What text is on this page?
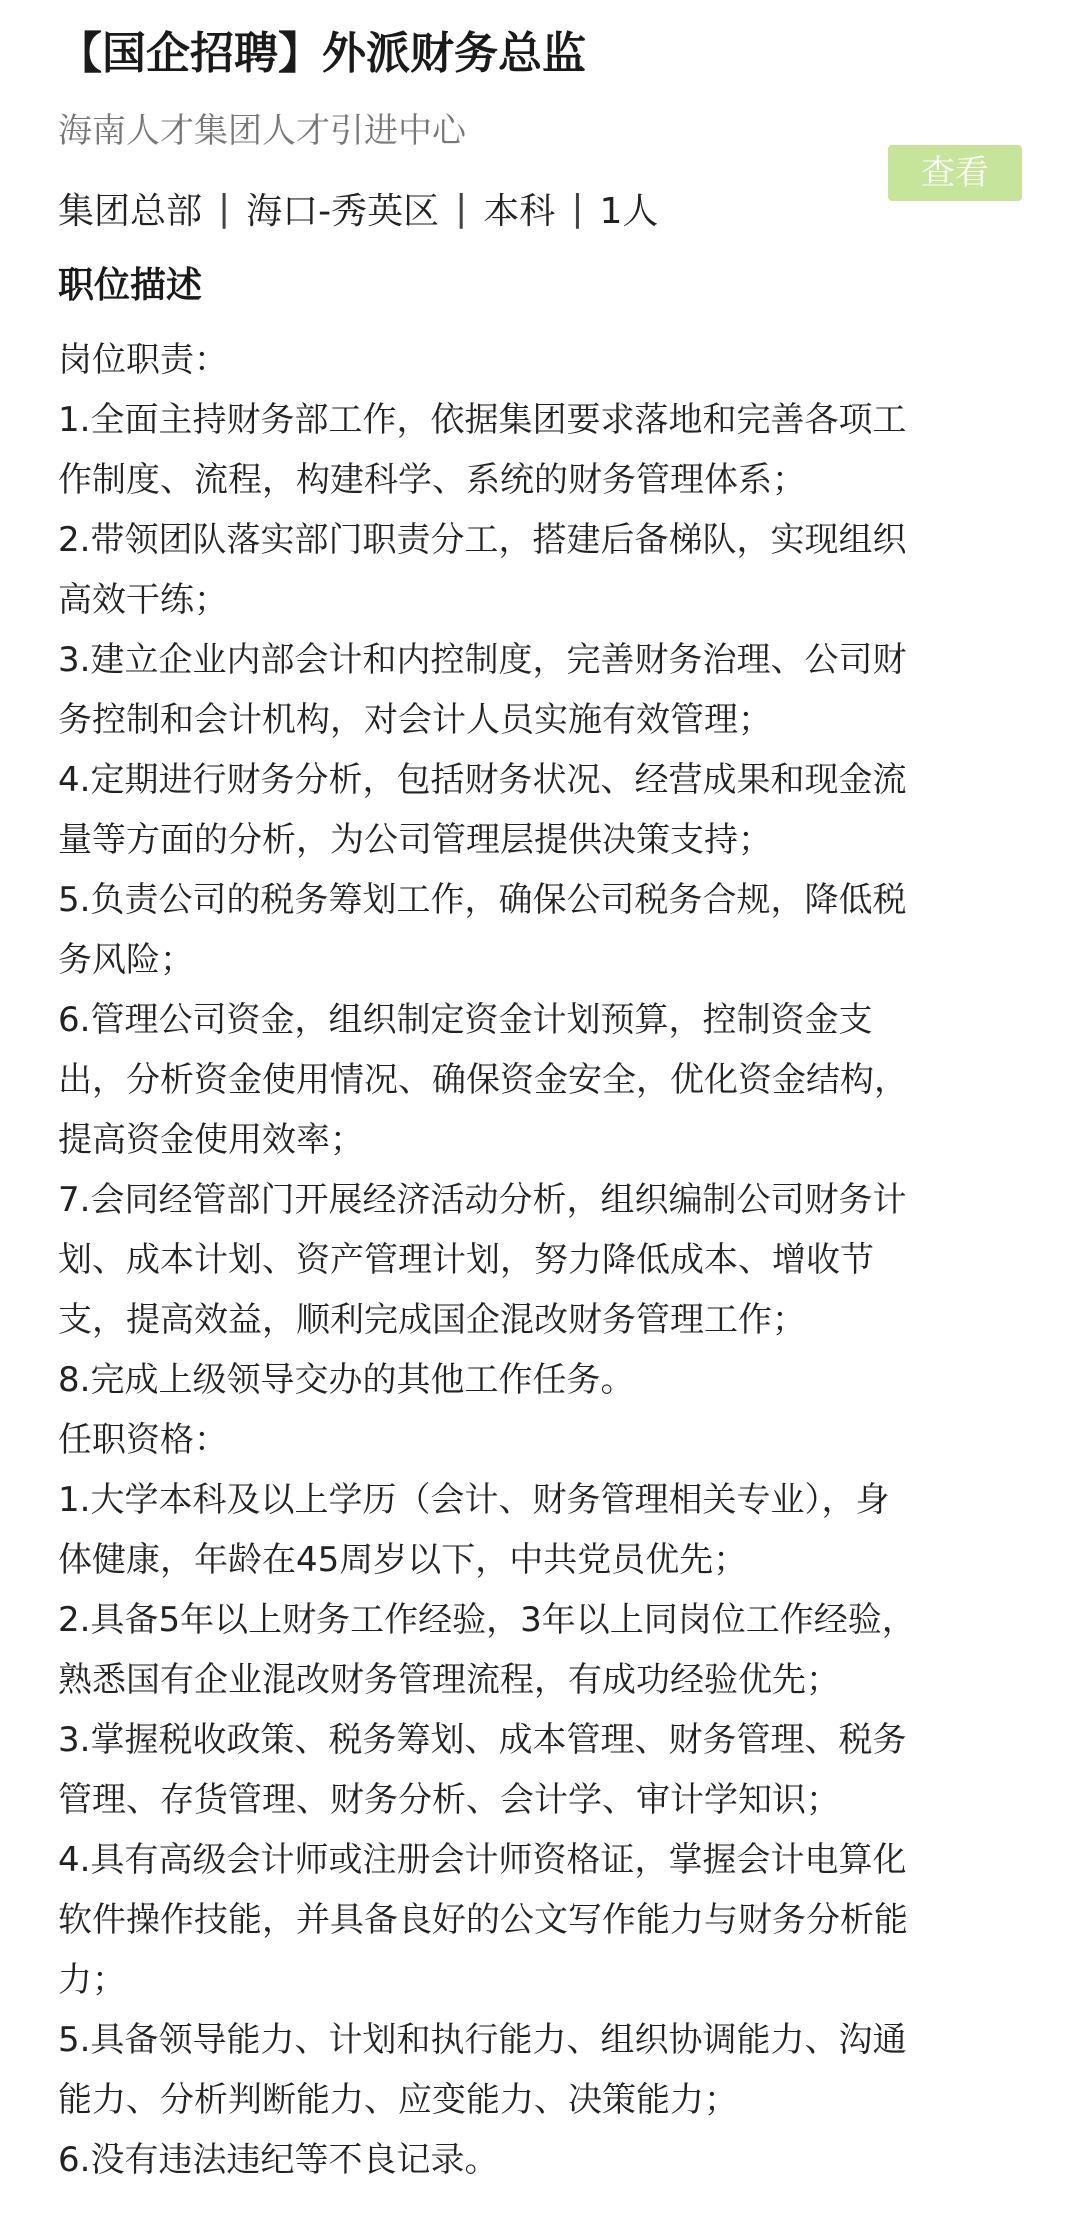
【国企招聘】外派财务总监
海南人才集团人才引进中心
查看
集团总部 | 海口-秀英区 | 本科 | 1人
职位描述
岗位职责：
1.全面主持财务部工作，依据集团要求落地和完善各项工
作制度、流程，构建科学、系统的财务管理体系；
2.带领团队落实部门职责分工，搭建后备梯队，实现组织
高效干练；
3.建立企业内部会计和内控制度，完善财务治理、公司财
务控制和会计机构，对会计人员实施有效管理；
4.定期进行财务分析，包括财务状况、经营成果和现金流
量等方面的分析，为公司管理层提供决策支持；
5.负责公司的税务筹划工作，确保公司税务合规，降低税
务风险；
6.管理公司资金，组织制定资金计划预算，控制资金支
出，分析资金使用情况、确保资金安全，优化资金结构，
提高资金使用效率；
7.会同经管部门开展经济活动分析，组织编制公司财务计
划、成本计划、资产管理计划，努力降低成本、增收节
支，提高效益，顺利完成国企混改财务管理工作；
8.完成上级领导交办的其他工作任务。
任职资格：
1.大学本科及以上学历（会计、财务管理相关专业），身
体健康，年龄在45周岁以下，中共党员优先；
2.具备5年以上财务工作经验，3年以上同岗位工作经验，
熟悉国有企业混改财务管理流程，有成功经验优先；
3.掌握税收政策、税务筹划、成本管理、财务管理、税务
管理、存货管理、财务分析、会计学、审计学知识；
4.具有高级会计师或注册会计师资格证，掌握会计电算化
软件操作技能，并具备良好的公文写作能力与财务分析能
力；
5.具备领导能力、计划和执行能力、组织协调能力、沟通
能力、分析判断能力、应变能力、决策能力；
6.没有违法违纪等不良记录。
